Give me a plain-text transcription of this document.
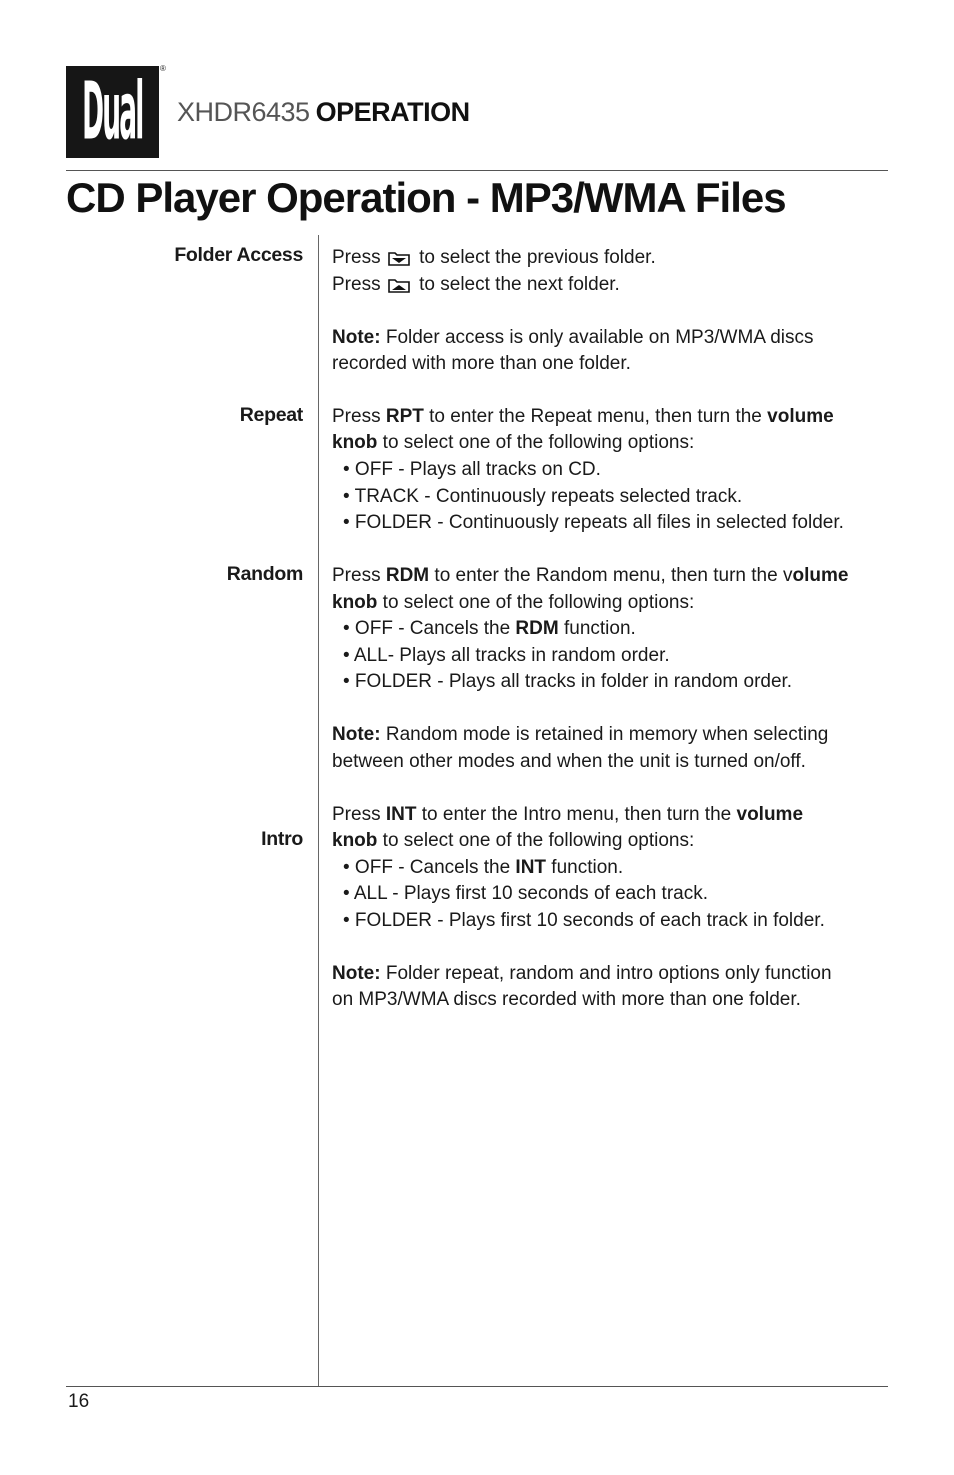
Dual ®
XHDR6435 OPERATION
CD Player Operation - MP3/WMA Files
Folder Access Press to select the previous folder.
Press to select the next folder.
Note: Folder access is only available on MP3/WMA discs
recorded with more than one folder.
Repeat Press RPT to enter the Repeat menu, then turn the volume
knob to select one of the following options:
• OFF - Plays all tracks on CD.
• TRACK - Continuously repeats selected track.
• FOLDER - Continuously repeats all files in selected folder.
Random Press RDM to enter the Random menu, then turn the volume
knob to select one of the following options:
• OFF - Cancels the RDM function.
• ALL- Plays all tracks in random order.
• FOLDER - Plays all tracks in folder in random order.
Note: Random mode is retained in memory when selecting
between other modes and when the unit is turned on/off.
Intro
Press INT to enter the Intro menu, then turn the volume
knob to select one of the following options:
• OFF - Cancels the INT function.
• ALL - Plays first 10 seconds of each track.
• FOLDER - Plays first 10 seconds of each track in folder.
Note: Folder repeat, random and intro options only function
on MP3/WMA discs recorded with more than one folder.
16
